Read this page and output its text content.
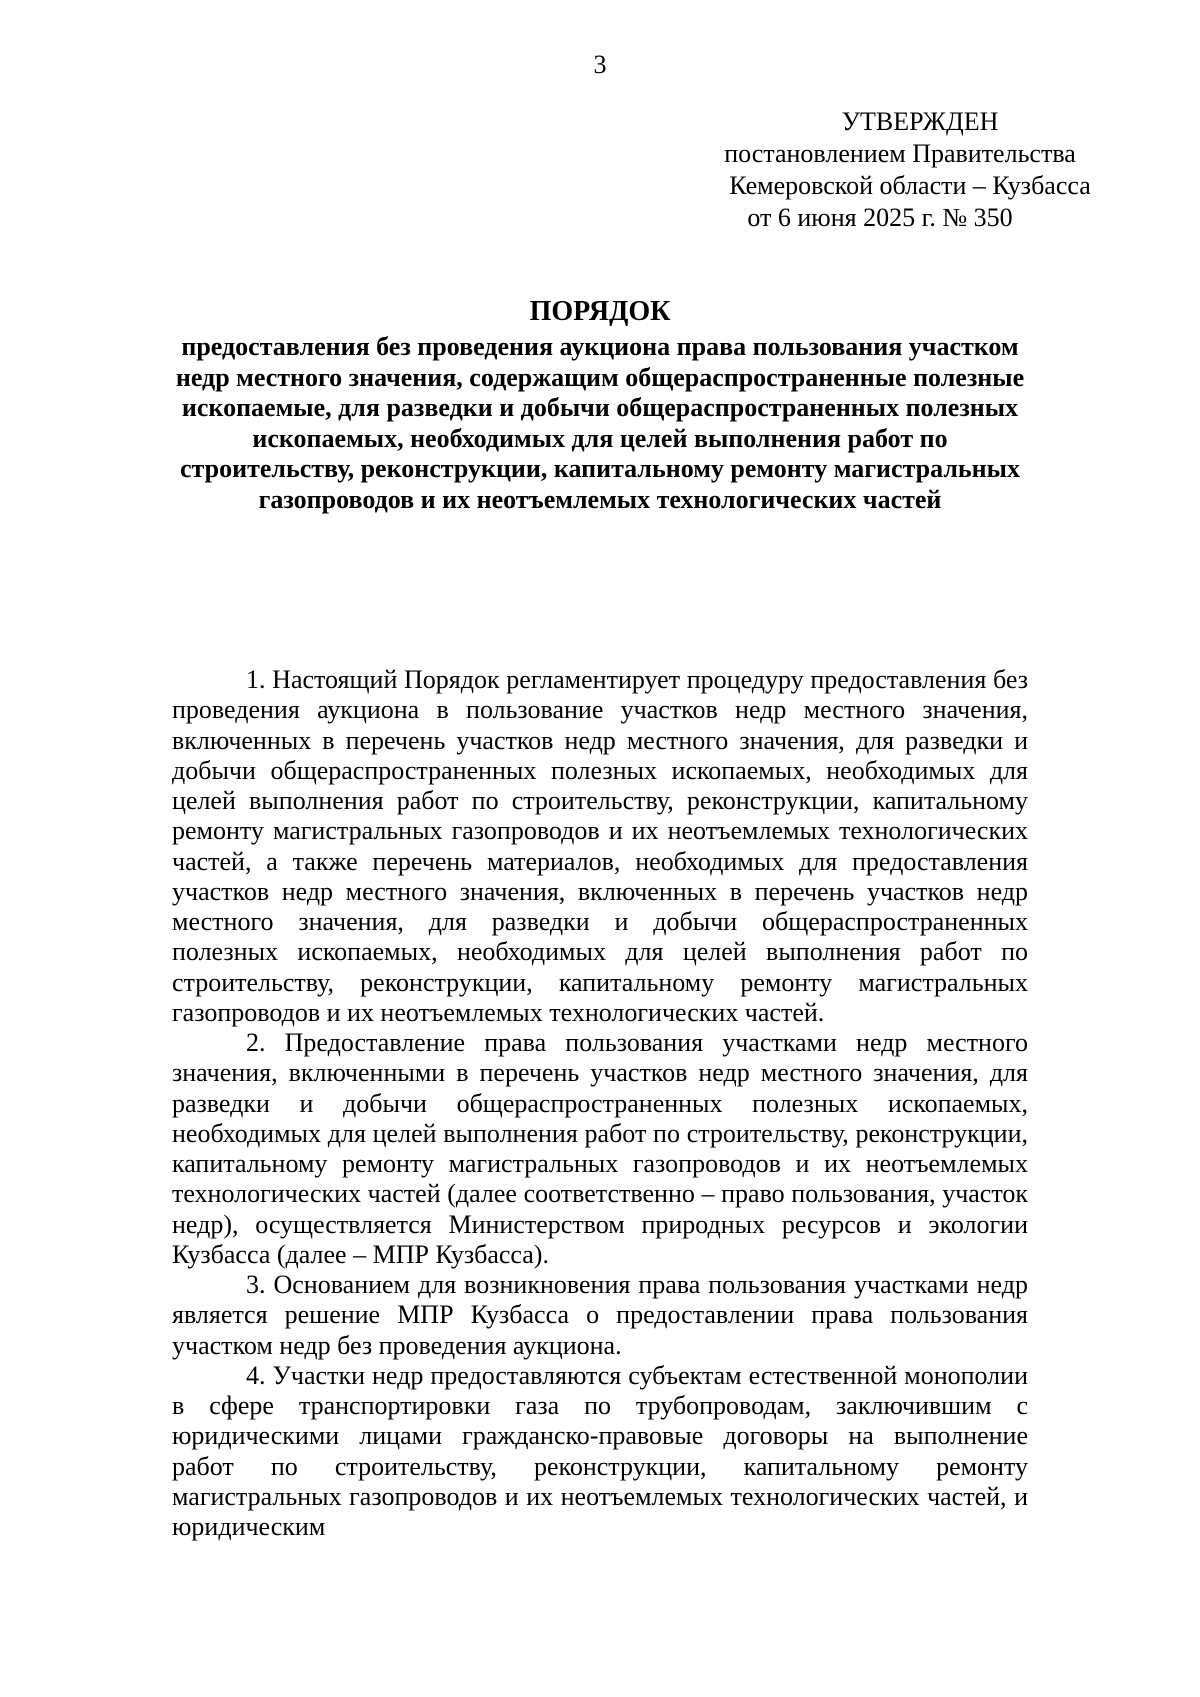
3
УТВЕРЖДЕН
постановлением Правительства
Кемеровской области – Кузбасса
от 6 июня 2025 г. № 350
ПОРЯДОК
предоставления без проведения аукциона права пользования участком недр местного значения, содержащим общераспространенные полезные ископаемые, для разведки и добычи общераспространенных полезных ископаемых, необходимых для целей выполнения работ по строительству, реконструкции, капитальному ремонту магистральных газопроводов и их неотъемлемых технологических частей

1. Настоящий Порядок регламентирует процедуру предоставления без проведения аукциона в пользование участков недр местного значения, включенных в перечень участков недр местного значения, для разведки и добычи общераспространенных полезных ископаемых, необходимых для целей выполнения работ по строительству, реконструкции, капитальному ремонту магистральных газопроводов и их неотъемлемых технологических частей, а также перечень материалов, необходимых для предоставления участков недр местного значения, включенных в перечень участков недр местного значения, для разведки и добычи общераспространенных полезных ископаемых, необходимых для целей выполнения работ по строительству, реконструкции, капитальному ремонту магистральных газопроводов и их неотъемлемых технологических частей.

2. Предоставление права пользования участками недр местного значения, включенными в перечень участков недр местного значения, для разведки и добычи общераспространенных полезных ископаемых, необходимых для целей выполнения работ по строительству, реконструкции, капитальному ремонту магистральных газопроводов и их неотъемлемых технологических частей (далее соответственно – право пользования, участок недр), осуществляется Министерством природных ресурсов и экологии Кузбасса (далее – МПР Кузбасса).

3. Основанием для возникновения права пользования участками недр является решение МПР Кузбасса о предоставлении права пользования участком недр без проведения аукциона.

4. Участки недр предоставляются субъектам естественной монополии в сфере транспортировки газа по трубопроводам, заключившим с юридическими лицами гражданско-правовые договоры на выполнение работ по строительству, реконструкции, капитальному ремонту магистральных газопроводов и их неотъемлемых технологических частей, и юридическим
